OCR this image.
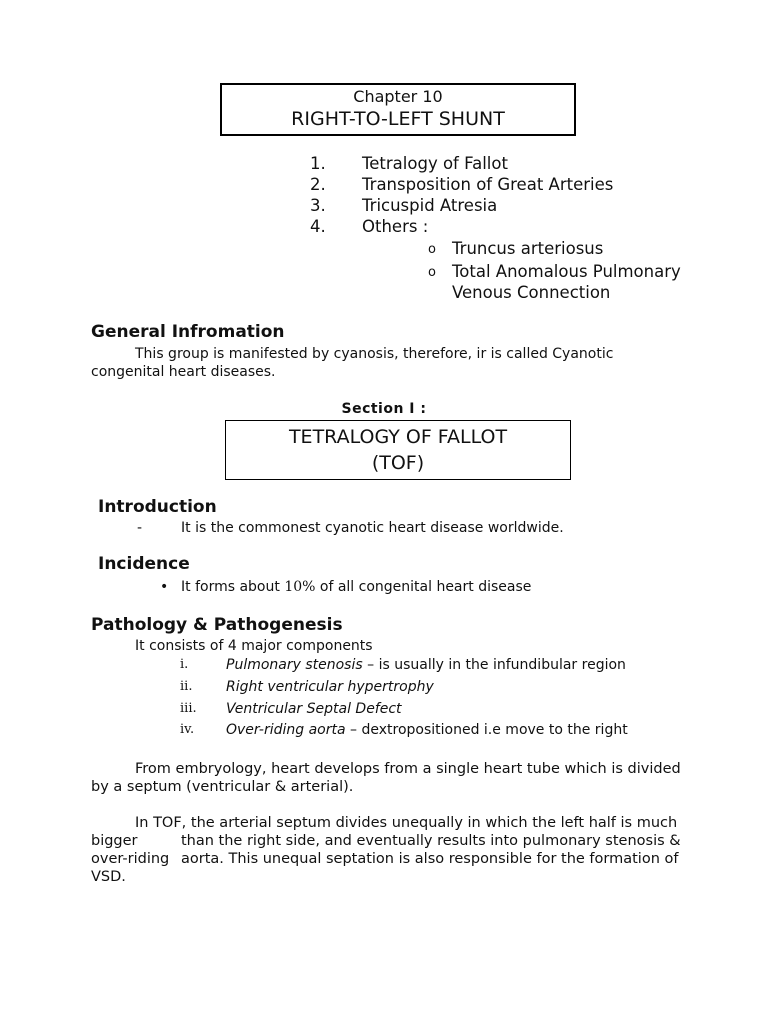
Chapter 10
RIGHT-TO-LEFT SHUNT
1. Tetralogy of Fallot
2. Transposition of Great Arteries
3. Tricuspid Atresia
4. Others :
o Truncus arteriosus
o Total Anomalous Pulmonary
Venous Connection
General Infromation
This group is manifested by cyanosis, therefore, ir is called Cyanotic
congenital heart diseases.
Section I :
TETRALOGY OF FALLOT
(TOF)
Introduction
-	It is the commonest cyanotic heart disease worldwide.
Incidence
• It forms about 10% of all congenital heart disease
Pathology & Pathogenesis
It consists of 4 major components
i.	Pulmonary stenosis – is usually in the infundibular region
ii. Right ventricular hypertrophy
iii. Ventricular Septal Defect
iv. Over-riding aorta – dextropositioned i.e move to the right
From embryology, heart develops from a single heart tube which is divided
by a septum (ventricular & arterial).
In TOF, the arterial septum divides unequally in which the left half is much
bigger	than the right side, and eventually results into pulmonary stenosis &
over-riding aorta. This unequal septation is also responsible for the formation of
VSD.
